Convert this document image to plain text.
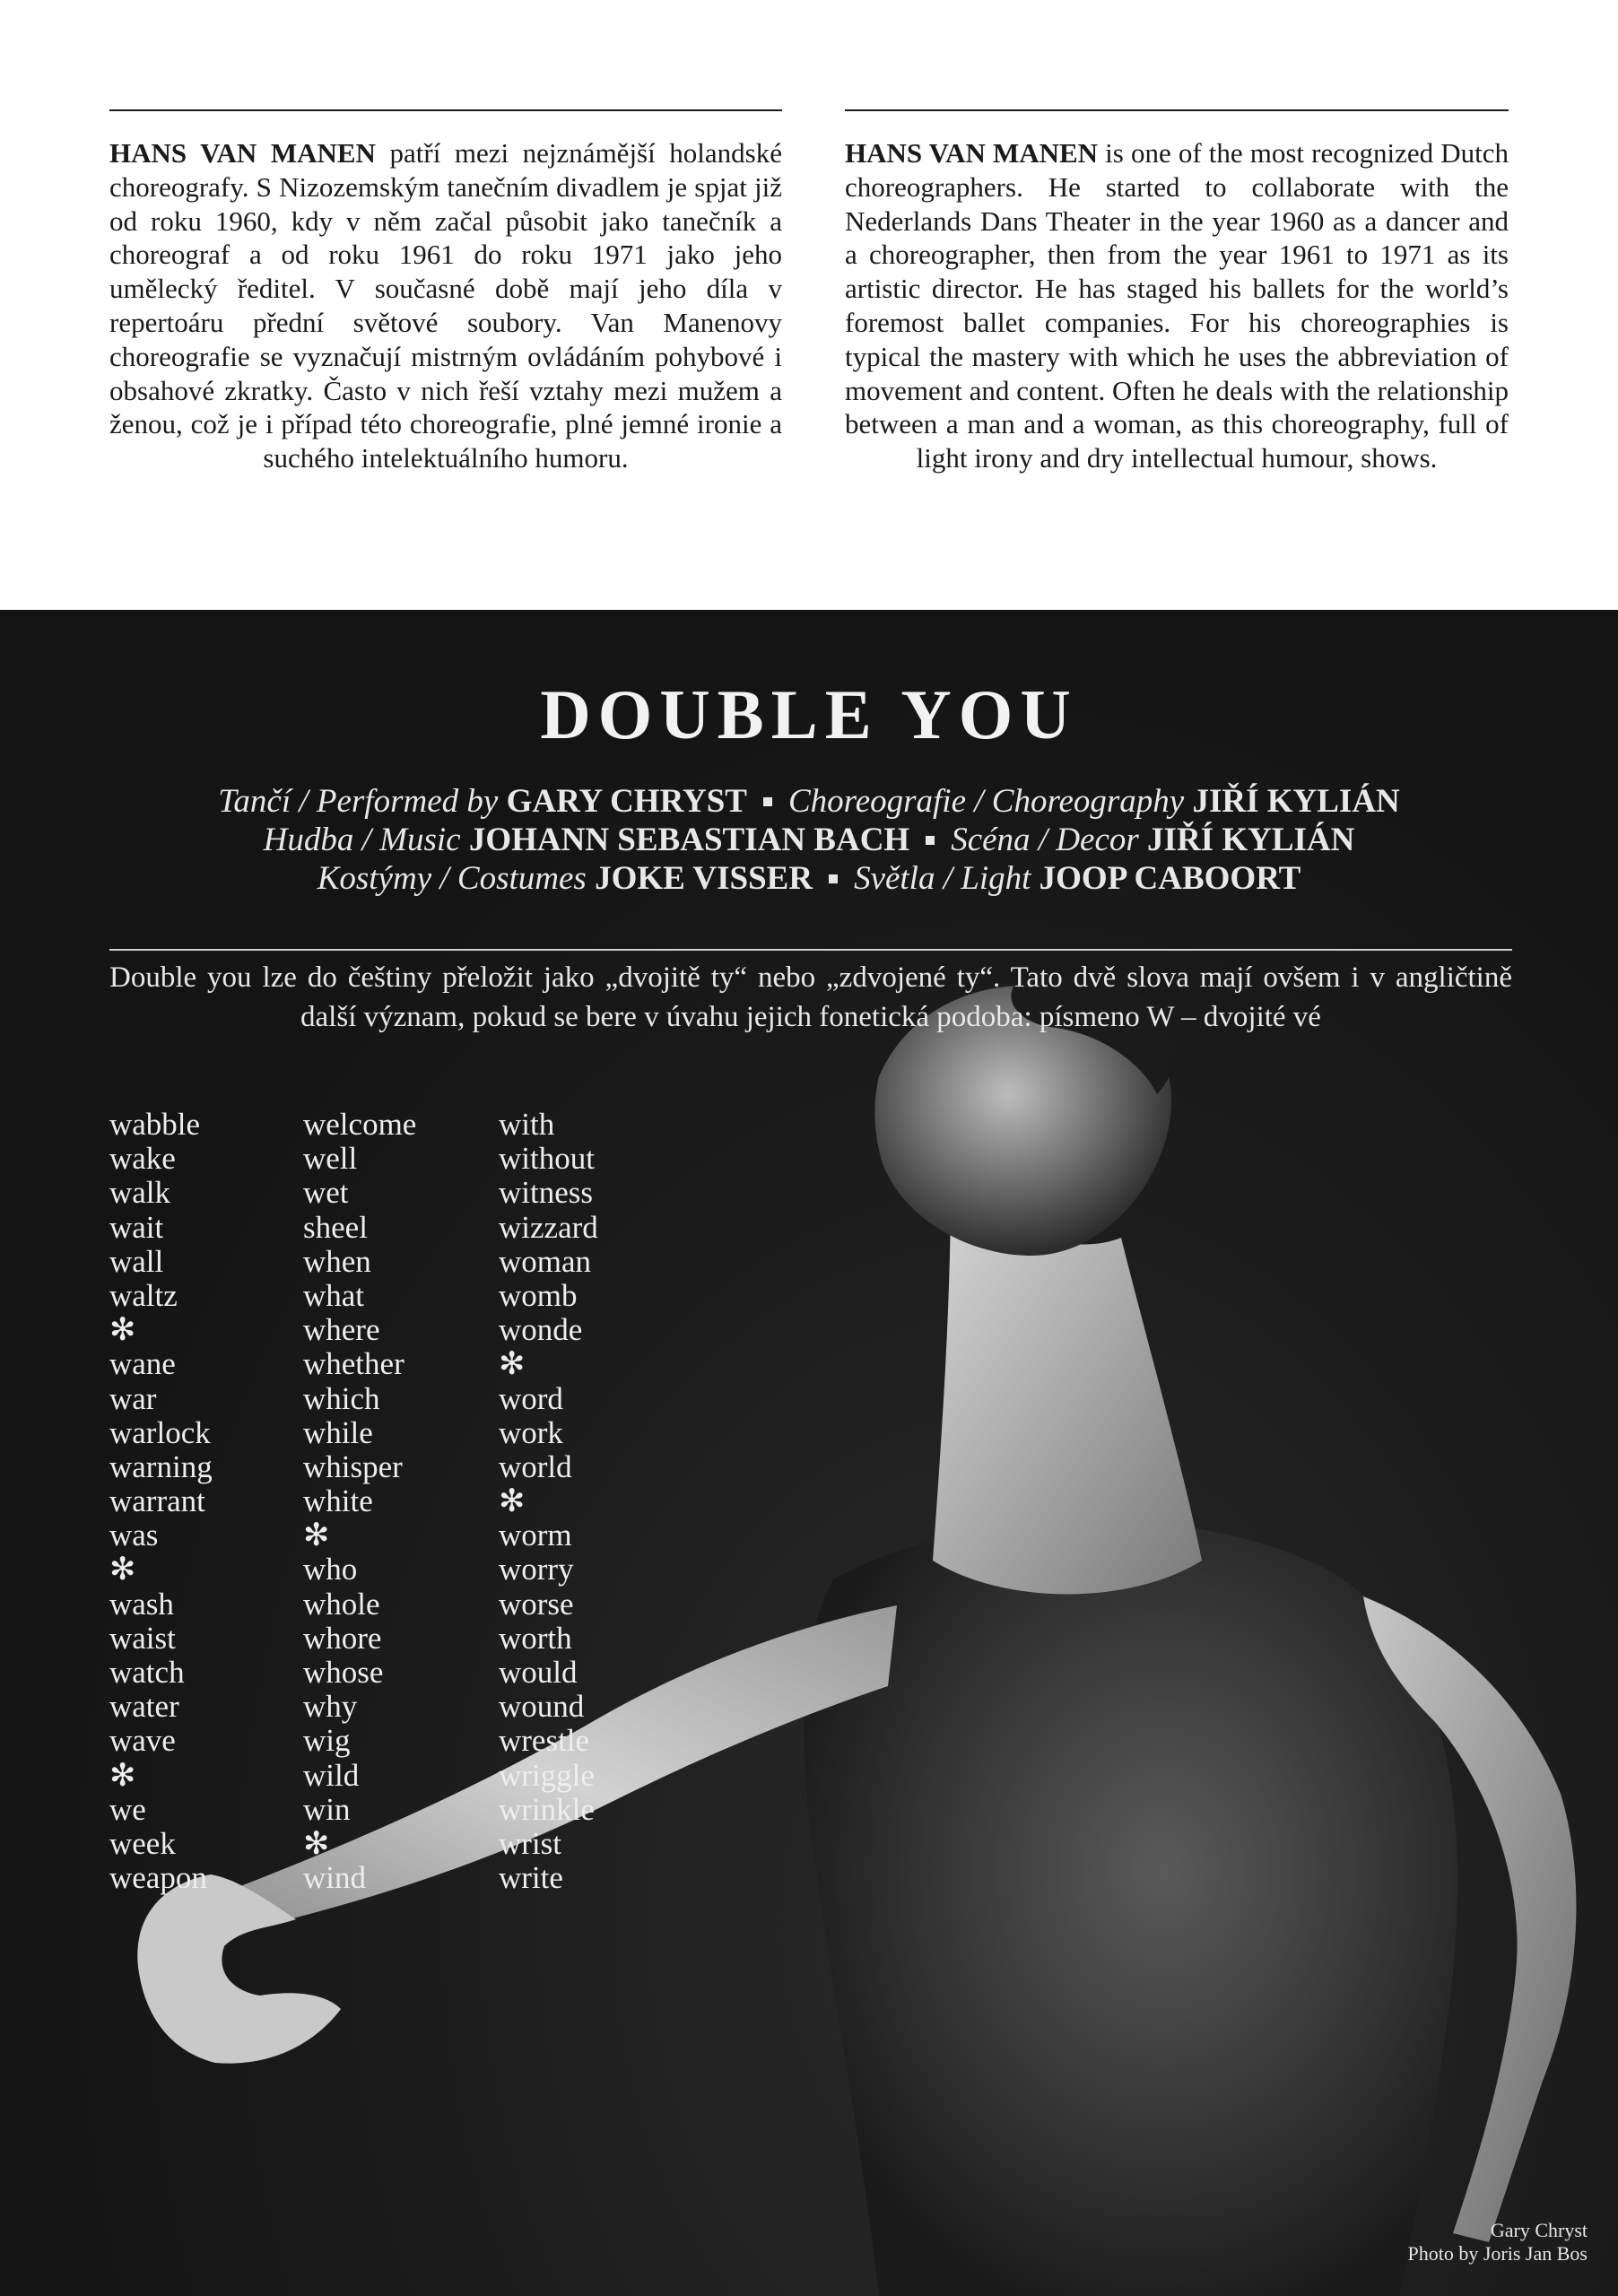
HANS VAN MANEN patří mezi nejznámější holandské choreografy. S Nizozemským tanečním divadlem je spjat již od roku 1960, kdy v něm začal působit jako tanečník a choreograf a od roku 1961 do roku 1971 jako jeho umělecký ředitel. V současné době mají jeho díla v repertoáru přední světové soubory. Van Manenovy choreografie se vyznačují mistrným ovládáním pohybové i obsahové zkratky. Často v nich řeší vztahy mezi mužem a ženou, což je i případ této choreografie, plné jemné ironie a suchého intelektuálního humoru.

HANS VAN MANEN is one of the most recognized Dutch choreographers. He started to collaborate with the Nederlands Dans Theater in the year 1960 as a dancer and a choreographer, then from the year 1961 to 1971 as its artistic director. He has staged his ballets for the world’s foremost ballet companies. For his choreographies is typical the mastery with which he uses the abbreviation of movement and content. Often he deals with the relationship between a man and a woman, as this choreography, full of light irony and dry intellectual humour, shows.

DOUBLE YOU
Tančí / Performed by GARY CHRYST Choreografie / Choreography JIŘÍ KYLIÁN
Hudba / Music JOHANN SEBASTIAN BACH Scéna / Decor JIŘÍ KYLIÁN
Kostýmy / Costumes JOKE VISSER Světla / Light JOOP CABOORT

Double you lze do češtiny přeložit jako „dvojitě ty“ nebo „zdvojené ty“. Tato dvě slova mají ovšem i v angličtině další význam, pokud se bere v úvahu jejich fonetická podoba: písmeno W – dvojité vé

wabble
wake
walk
wait
wall
waltz
✻
wane
war
warlock
warning
warrant
was
✻
wash
waist
watch
water
wave
✻
we
week
weapon
welcome
well
wet
sheel
when
what
where
whether
which
while
whisper
white
✻
who
whole
whore
whose
why
wig
wild
win
✻
wind
with
without
witness
wizzard
woman
womb
wonde
✻
word
work
world
✻
worm
worry
worse
worth
would
wound
wrestle
wriggle
wrinkle
wrist
write
Gary Chryst
Photo by Joris Jan Bos
